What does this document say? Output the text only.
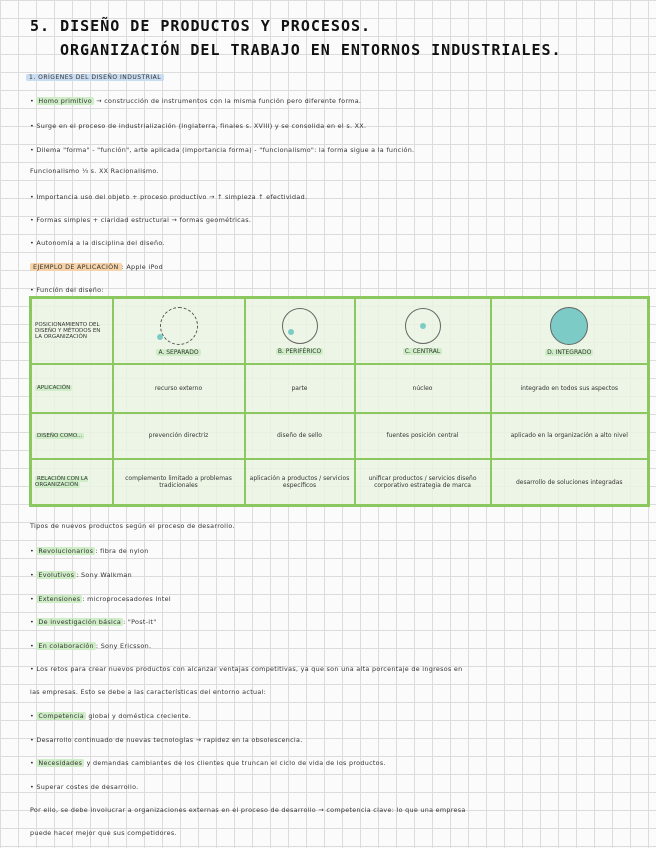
5. DISEÑO DE PRODUCTOS Y PROCESOS.
ORGANIZACIÓN DEL TRABAJO EN ENTORNOS INDUSTRIALES.
1. ORÍGENES DEL DISEÑO INDUSTRIAL
• Homo primitivo → construcción de instrumentos con la misma función pero diferente forma.
• Surge en el proceso de industrialización (Inglaterra, finales s. XVIII) y se consolida en el s. XX.
• Dilema "forma" - "función", arte aplicada (importancia forma) - "funcionalismo": la forma sigue a la función.
Funcionalismo ⅓ s. XX Racionalismo.
• Importancia uso del objeto + proceso productivo → ↑ simpleza ↑ efectividad.
• Formas simples + claridad estructural → formas geométricas.
• Autonomía a la disciplina del diseño.
EJEMPLO DE APLICACIÓN : Apple iPod
• Función del diseño:
POSICIONAMIENTO DEL DISEÑO Y MÉTODOS EN LA ORGANIZACIÓN	A. SEPARADO	B. PERIFÉRICO	C. CENTRAL	D. INTEGRADO

APLICACIÓN	recurso externo	parte	núcleo	integrado en todos sus aspectos
DISEÑO COMO...	prevención directriz	diseño de sello	fuentes posición central	aplicado en la organización a alto nivel
RELACIÓN CON LA ORGANIZACIÓN	complemento limitado a problemas tradicionales	aplicación a productos / servicios específicos	unificar productos / servicios diseño corporativo estrategia de marca	desarrollo de soluciones integradas
Tipos de nuevos productos según el proceso de desarrollo.
• Revolucionarios : fibra de nylon
• Evolutivos : Sony Walkman
• Extensiones : microprocesadores Intel
• De investigación básica : "Post-it"
• En colaboración : Sony Ericsson.
• Los retos para crear nuevos productos con alcanzar ventajas competitivas, ya que son una alta porcentaje de ingresos en
las empresas. Esto se debe a las características del entorno actual:
• Competencia global y doméstica creciente.
• Desarrollo continuado de nuevas tecnologías → rapidez en la obsolescencia.
• Necesidades y demandas cambiantes de los clientes que truncan el ciclo de vida de los productos.
• Superar costes de desarrollo.
Por ello, se debe involucrar a organizaciones externas en el proceso de desarrollo → competencia clave: lo que una empresa
puede hacer mejor que sus competidores.
